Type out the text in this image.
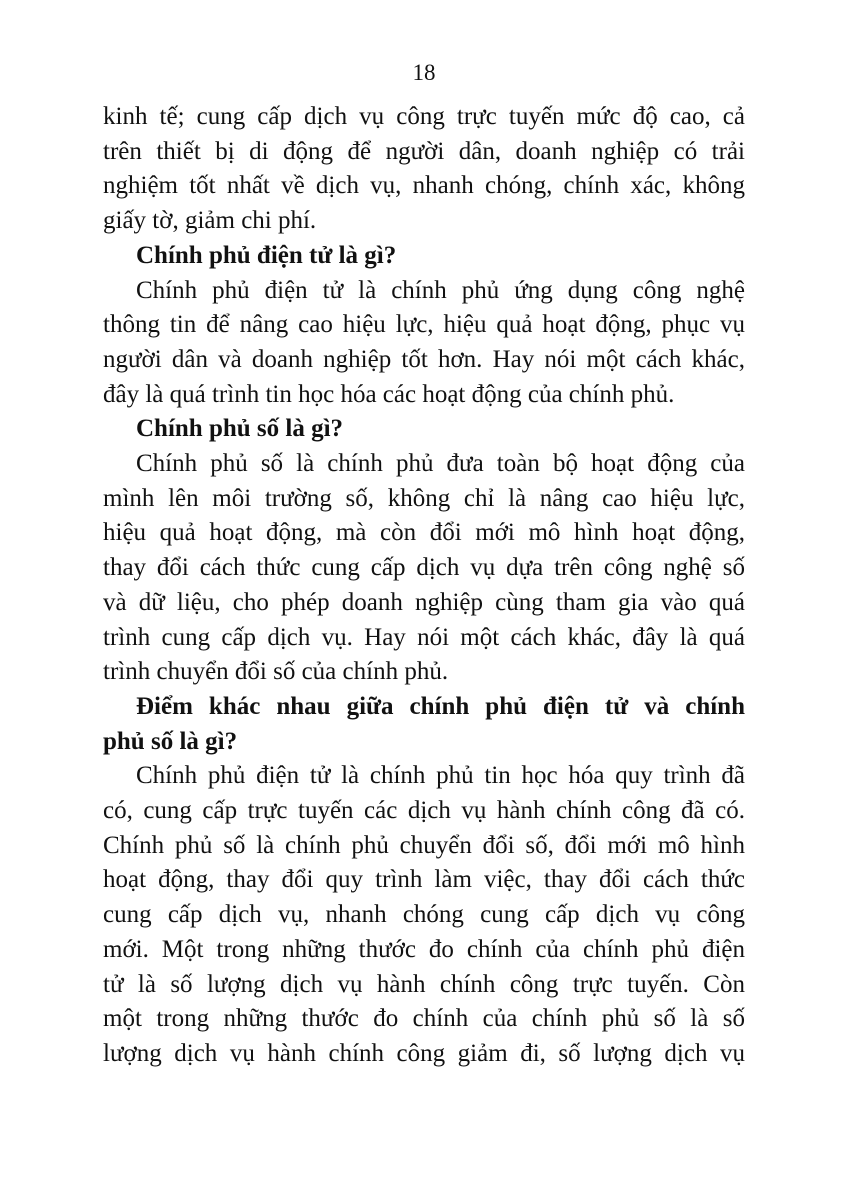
18
kinh tế; cung cấp dịch vụ công trực tuyến mức độ cao, cả
trên thiết bị di động để người dân, doanh nghiệp có trải
nghiệm tốt nhất về dịch vụ, nhanh chóng, chính xác, không
giấy tờ, giảm chi phí.
Chính phủ điện tử là gì?
Chính phủ điện tử là chính phủ ứng dụng công nghệ
thông tin để nâng cao hiệu lực, hiệu quả hoạt động, phục vụ
người dân và doanh nghiệp tốt hơn. Hay nói một cách khác,
đây là quá trình tin học hóa các hoạt động của chính phủ.
Chính phủ số là gì?
Chính phủ số là chính phủ đưa toàn bộ hoạt động của
mình lên môi trường số, không chỉ là nâng cao hiệu lực,
hiệu quả hoạt động, mà còn đổi mới mô hình hoạt động,
thay đổi cách thức cung cấp dịch vụ dựa trên công nghệ số
và dữ liệu, cho phép doanh nghiệp cùng tham gia vào quá
trình cung cấp dịch vụ. Hay nói một cách khác, đây là quá
trình chuyển đổi số của chính phủ.
Điểm khác nhau giữa chính phủ điện tử và chính
phủ số là gì?
Chính phủ điện tử là chính phủ tin học hóa quy trình đã
có, cung cấp trực tuyến các dịch vụ hành chính công đã có.
Chính phủ số là chính phủ chuyển đổi số, đổi mới mô hình
hoạt động, thay đổi quy trình làm việc, thay đổi cách thức
cung cấp dịch vụ, nhanh chóng cung cấp dịch vụ công
mới. Một trong những thước đo chính của chính phủ điện
tử là số lượng dịch vụ hành chính công trực tuyến. Còn
một trong những thước đo chính của chính phủ số là số
lượng dịch vụ hành chính công giảm đi, số lượng dịch vụ
